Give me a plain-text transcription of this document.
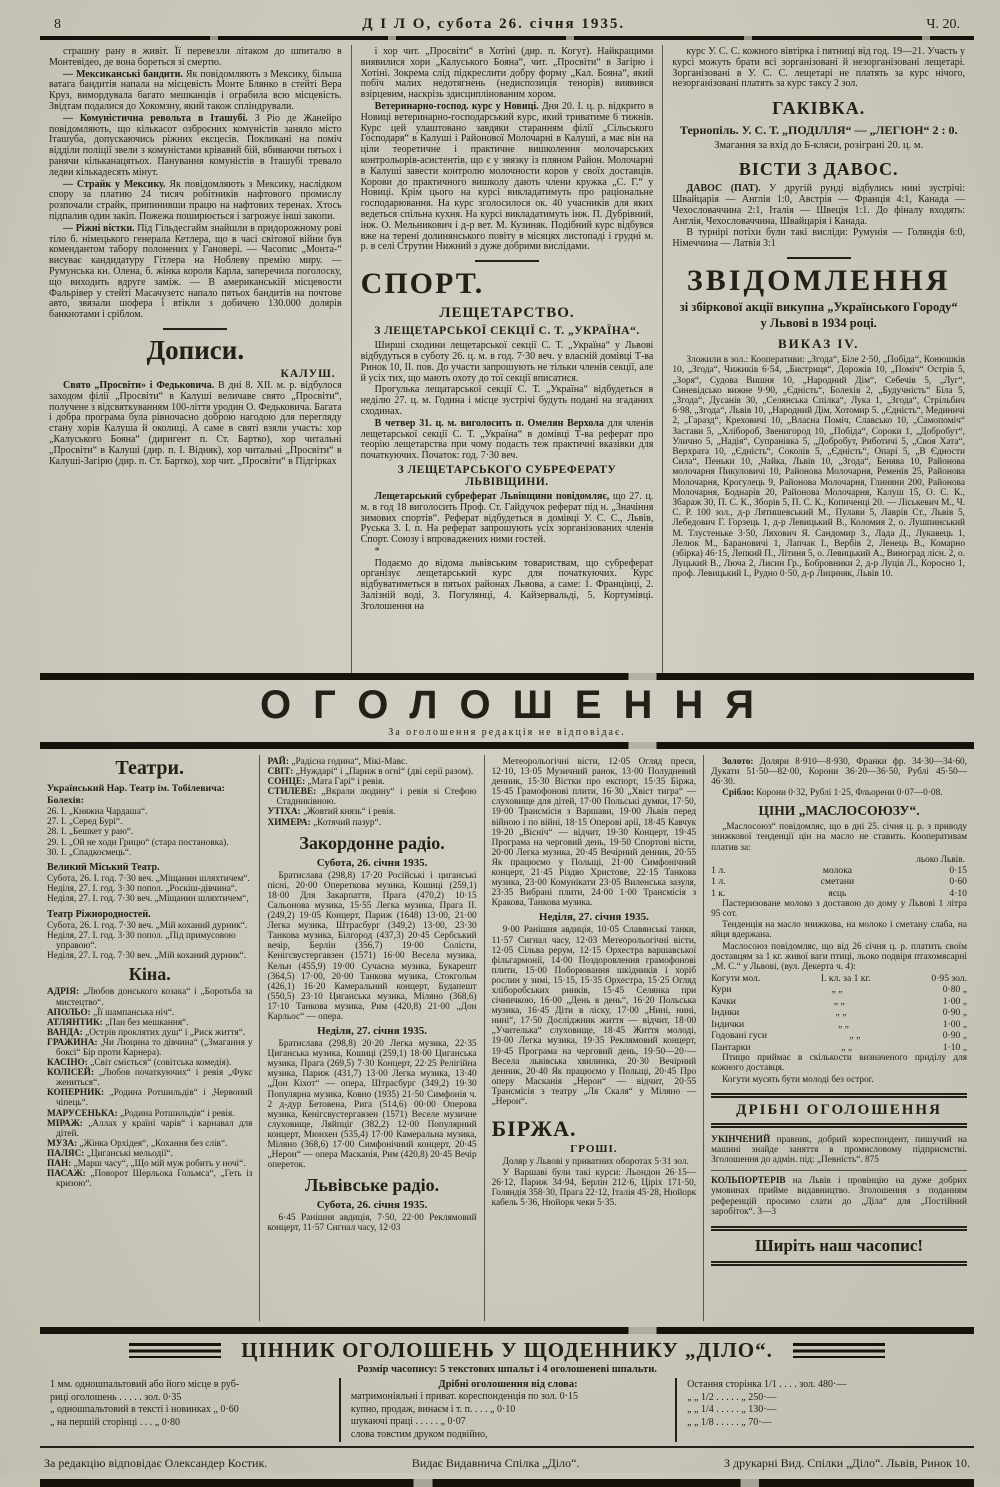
8	Д І Л О, субота 26. січня 1935.	Ч. 20.
страшну рану в живіт. Її перевезли літаком до шпиталю в Монтевідео, де вона бореться зі смертю.
— Мексиканські бандити. Як повідомляють з Мексику, більша ватага бандитів напала на місцевість Монте Блянко в стейті Вера Круз, вимордувала багато мешканців і ограбила всю місцевість. Звідтам подалися до Хокомзну, який також спліндрували.
— Комуністична револьта в Іташубі. З Ріо де Жанейро повідомляють, що кількасот озброєних комуністів заняло місто Іташуба, допускаючись ріжних ексцесів. Покликані на поміч відділи поліції звели з комуністами крівавий бій, вбиваючи пятьох і ранячи кільканацятьох. Панування комуністів в Іташубі тревало ледви кількадесять мінут.
— Страйк у Мексику. Як повідомляють з Мексику, наслідком спору за платню 24 тисяч робітників нафтового промислу розпочали страйк, припинивши працю на нафтових теренах. Хтось підпалив один закіп. Пожежа поширюється і загрожує інші закопи.
— Ріжні вістки. Під Гільдесгайм знайшли в придорожному рові тіло б. німецького генерала Кетлера, що в часі світової війни був комендантом табору полонених у Гановері. — Часопис „Монта-“ висуває кандидатуру Гітлера на Ноблеву премію миру. — Румунська кн. Олена, б. жінка короля Карла, заперечила поголоску, що виходить вдруге заміж. — В американській місцевости Фальрівер у стейті Масачузетс напало пятьох бандитів на почтове авто, звязали шофера і втікли з добичею 130.000 долярів банкнотами і сріблом.
Дописи.
КАЛУШ.
Свято „Просвіти» і Федьковича. В дні 8. XII. м. р. відбулося заходом філії „Просвіти“ в Калуші величаве свято „Просвіти“, получене з відсвяткуванням 100-ліття уродин О. Федьковича. Багата і добра програма була рівночасно доброю нагодою для перегляду стану хорів Калуша й околиці. А саме в святі взяли участь: хор „Калуського Бояна“ (диригент п. Ст. Бартко), хор читальні „Просвіти“ в Калуші (дир. п. І. Відняк), хор читальні „Просвіти“ в Калуші-Загірю (дир. п. Ст. Бартко), хор чит. „Просвіти“ в Підгірках
і хор чит. „Просвіти“ в Хотіні (дир. п. Когут). Найкращими виявилися хори „Калуського Бояна“, чит. „Просвіти“ в Загірю і Хотіні. Зокрема слід підкреслити добру форму „Кал. Бояна“, який побіч малих недотягнень (недиспозиція тенорів) виявився взірцевим, наскрізь здисциплінованим хором.
Ветеринарно-господ. курс у Новиці. Дня 20. І. ц. р. відкрито в Новиці ветеринарно-господарський курс, який триватиме 6 тижнів. Курс цей улаштовано завдяки старанням філії „Сільського Господаря“ в Калуші і Районової Молочарні в Калуші, а має він на ціли теоретичне і практичне вишколення молочарських контрольорів-асистентів, що є у звязку із пляном Район. Молочарні в Калуші завести контролю молочности коров у своїх доставців. Корови до практичного вишколу дають члени кружка „С. Г.“ у Новиці. Крім цього на курсі викладатимуть про раціональне господарювання. На курс зголосилося ок. 40 учасників для яких ведеться спільна кухня. На курсі викладатимуть інж. П. Дубрівний, інж. О. Мельникович і д-р вет. М. Кузиняк. Подібний курс відбувся вже на терені долинянського повіту в місяцях листопаді і грудні м. р. в селі Струтин Нижний з дуже добрими вислідами.
СПОРТ.
ЛЕЩЕТАРСТВО.
З ЛЕЩЕТАРСЬКОЇ СЕКЦІЇ С. Т. „УКРАЇНА“.
Ширші сходини лещетарської секції С. Т. „Україна“ у Львові відбудуться в суботу 26. ц. м. в год. 7·30 веч. у власній домівці Т-ва Ринок 10, ІІ. пов. До участи запрошують не тільки членів секції, але й усіх тих, що мають охоту до тої секції вписатися.
Прогулька лещатарської секції С. Т. „Україна“ відбудеться в неділю 27. ц. м. Година і місце зустрічі будуть подані на згаданих сходинах.
В четвер 31. ц. м. виголосить п. Омелян Верхола для членів лещетарської секції С. Т. „Україна“ в домівці Т-ва реферат про теорію лещетарства при чому подасть теж практичні вказівки для початкуючих. Початок: год. 7·30 веч.
З ЛЕЩЕТАРСЬКОГО СУБРЕФЕРАТУ ЛЬВІВЩИНИ.
Лещетарський субреферат Львівщини повідомляє, що 27. ц. м. в год 18 виголосить Проф. Ст. Гайдучок реферат під н. „Значіння зимових спортів“. Реферат відбудеться в домівці У. С. С., Львів, Руська 3. І. п. На реферат запрошують усіх зорганізованих членів Спорт. Союзу і впроваджених ними гостей.
*
Подаємо до відома львівським товариствам, що субреферат організує лещетарський курс для початкуючих. Курс відбуватиметься в пятьох районах Львова, а саме: 1. Францівці, 2. Залізній воді, 3. Погулянці, 4. Кайзервальді, 5. Кортумівці. Зголошення на
курс У. С. С. кожного вівтірка і пятниці від год. 19—21. Участь у курсі можуть брати всі зорганізовані й незорганізовані лещетарі. Зорганізовані в У. С. С. лещетарі не платять за курс нічого, незорганізовані платять за курс таксу 2 зол.
ГАКІВКА.
Тернопіль. У. С. Т. „ПОДІЛЛЯ“ — „ЛЕГІОН“ 2 : 0.
Змагання за вхід до Б-кляси, розіграні 20. ц. м.
ВІСТИ З ДАВОС.
ДАВОС (ПАТ). У другій рунді відбулись нині зустрічі: Швайцарія — Англія 1:0, Австрія — Франція 4:1, Канада — Чехословаччина 2:1, Італія — Швеція 1:1. До фіналу входять: Англія, Чехословаччина, Швайцарія і Канада.
В турнірі потіхи були такі висліди: Румунія — Голяндія 6:0, Німеччина — Латвія 3:1
ЗВІДОМЛЕННЯ
зі збіркової акції викупна „Українського Городу“
у Львові в 1934 році.
ВИКАЗ IV.
Зложили в зол.: Кооперативи: „Згода“, Біле 2·50, „Побіда“, Конюшків 10, „Згода“, Чижиків 6·54, „Бистриця“, Дорожів 10, „Поміч“ Острів 5, „Зоря“, Судова Вишня 10, „Народний Дім“, Себечів 5, „Луг“, Синевідсько вижне 9·90, „Єдність“, Болехів 2, „Будучність“ Біла 5, „Згода“, Дусанів 30, „Селянська Спілка“, Лука 1, „Згода“, Стрільбич 6·98, „Згода“, Львів 10, „Народний Дім, Хотомир 5. „Єдність“, Мединичі 2, „Гаразд“, Креховичі 10, „Власна Поміч, Славсько 10, „Самопоміч“ Застави 5, „Хлібороб, Звенигород 10, „Побіда“, Сороки 1, „Добробут“, Улично 5, „Надія“, Супранівка 5, „Добробут, Риботичі 5, „Своя Хата“, Верхрата 10, „Єдність“, Соколів 5, „Єдність“, Опарі 5, „В Єдности Сила“, Пеньки 10, „Чайка, Львів 10, „Згода“, Бенява 10, Районова молочарня Пикуловичі 10, Районова Молочарня, Ременів 25, Районова Молочарня, Крогулець 9, Районова Молочарня, Глиняни 200, Районова Молочарня, Боднарів 20, Районова Молочарня, Калуш 15, О. С. К., Збараж 30, П. С. К., Зборів 5, П. С. К., Копиченці 20. — Ліськевич М., Ч. С. Р. 100 зол., д-р Лятишевський М., Пулави 5, Лаврів Ст., Львів 5, Лебедович Г. Горзець 1, д-р Левицький В., Коломия 2, о. Лушпинський М. Тлустеньке 3·50, Ляхович Я. Сандомир 3., Лада Д., Лукавець 1, Лелюк М., Барановичі 1, Лапчак І., Вербів 2, Ленець В., Комарно (збірка) 46·15, Лепкий П., Літиня 5, о. Левицький А., Виноград лісн. 2, о. Луцький В., Люча 2, Лисин Гр., Бобровники 2, д-р Луців Л., Коросно 1, проф. Левицький І., Рудно 0·50, д-р Лициняк, Львів 10.
ОГОЛОШЕННЯ
За оголошення редакція не відповідає.
Театри.
Український Нар. Театр ім. Тобілевича:
Болехів:
26. І. „Княжна Чардаша“.
27. І. „Серед Бурі“.
28. І. „Бешкет у раю“.
29. І. „Ой не ходи Грицю“ (стара постановка).
30. І. „Спадкоємець“.
Великий Міський Театр.
Субота, 26. І. год. 7·30 веч. „Міщанин шляхтичем“.
Неділя, 27. І. год. 3·30 попол. „Роскіш-дівчина“.
Неділя, 27. І. год. 7·30 веч. „Міщанин шляхтичем“,
Театр Ріжнородностей.
Субота, 26. І. год. 7·30 веч. „Мій коханий дурник“.
Неділя, 27. І. год. 3·30 попол. „Під примусовою управою“.
Неділя, 27. І. год. 7·30 веч. „Мій коханий дурник“.
Кіна.
АДРІЯ: „Любов донського козака“ і „Боротьба за мистецтво“.
АПОЛЬО: „Її шампанська ніч“.
АТЛЯНТИК: „Пан без мешкання“.
ВАНДА: „Острів проклятих душ“ і „Риск життя“.
ГРАЖИНА: „Чи Люцина то дівчина“ („Змагання у боксі“ Бір проти Карнера).
КАСІНО: „Світ сміється“ (совітська комедія).
КОЛІСЕЙ: „Любов початкуючих“ і ревія „Фукс жениться“.
КОПЕРНИК: „Родина Ротшильдів“ і „Червоний чіпець“.
МАРУСЕНЬКА: „Родина Ротшильдів“ і ревія.
МІРАЖ: „Аллах у країні чарів“ і карнавал для дітей.
МУЗА: „Жінка Орхідея“, „Кохання без слів“.
ПАЛЯС: „Циганські мельодії“.
ПАН: „Марш часу“, „Що мій муж робить у ночі“.
ПАСАЖ: „Поворот Шерльока Гольмса“, „Геть із кризою“.
РАЙ: „Радісна година“, Мікі-Мавс.
СВІТ: „Нуждарі“ і „Париж в огні“ (дві серії разом).
СОНЦЕ: „Мата Гарі“ і ревія.
СТИЛЕВЕ: „Вкрали людину“ і ревія зі Стефою Стадниківною.
УТІХА: „Жовтий князь“ і ревія.
ХИМЕРА: „Котячий пазур“.
Закордонне радіо.
Субота, 26. січня 1935.
Братислава (298,8) 17·20 Російські і циганські пісні, 20·00 Опереткова музика, Кошиці (259,1) 18·00 Для Закарпаття, Прага (470,2) 10·15 Сальонова музика, 15·55 Легка музика, Прага ІІ. (249,2) 19·05 Концерт, Париж (1648) 13·00, 21·00 Легка музика, Штрасбург (349,2) 13·00, 23·30 Танкова музика, Білгород (437,3) 20·45 Сербський вечір, Берлін (356,7) 19·00 Солісти, Кенігсвустергавзен (1571) 16·00 Весела музика, Кельн (455,9) 19·00 Сучасна музика, Букарешт (364,5) 17·00, 20·00 Танкова музика, Стокгольм (426,1) 16·20 Камеральний концерт, Будапешт (550,5) 23·10 Циганська музика, Міляно (368,6) 17·10 Танкова музика, Рим (420,8) 21·00 „Дон Карльос“ — опера.
Неділя, 27. січня 1935.
Братислава (298,8) 20·20 Легка музика, 22·35 Циганська музика, Кошиці (259,1) 18·00 Циганська музика, Прага (269,5) 7·30 Концерт, 22·25 Релігійна музика, Париж (431,7) 13·00 Легка музика, 13·40 „Дон Кіхот“ — опера, Штрасбург (349,2) 19·30 Популярна музика, Ковно (1935) 21·50 Симфонія ч. 2 д-дур Бетовена, Рига (514,6) 00·00 Оперова музика, Кенігсвустергавзен (1571) Веселе музичне слуховище, Ляйпціг (382,2) 12·00 Популярний концерт, Мюнхен (535,4) 17·00 Камеральна музика, Міляно (368,6) 17·00 Симфонічний концерт, 20·45 „Нерон“ — опера Масканія, Рим (420,8) 20·45 Вечір опереток.
Львівське радіо.
Субота, 26. січня 1935.
6·45 Ранішня авдиція, 7·50, 22·00 Реклямовий концерт, 11·57 Сигнал часу, 12·03
Метеорольогічні вісти, 12·05 Огляд преси, 12·10, 13·05 Музичний ранок, 13·00 Полудневий денник, 15·30 Вістки про експорт, 15·35 Біржа, 15·45 Грамофонові плити, 16·30 „Хвіст тигра“ — слуховище для дітей, 17·00 Польські думки, 17·50, 19·00 Трансмісія з Варшави, 19·00 Львів перед війною і по війні, 18·15 Оперові арії, 18·45 Кавчук 19·20 „Вісніч“ — відчит, 19·30 Концерт, 19·45 Програма на черговий день, 19·50 Спортові вісти, 20·00 Легка музика, 20·45 Вечірний денник, 20·55 Як працюємо у Польщі, 21·00 Симфонічний концерт, 21·45 Різдво Христове, 22·15 Танкова музика, 23·00 Комунікати 23·05 Виленська зазуля, 23·35 Вибрані плити, 24·00 1·00 Трансмісія з Кракова, Танкова музика.
Неділя, 27. січня 1935.
9·00 Ранішня авдиція, 10·05 Славянські танки, 11·57 Сигнал часу, 12·03 Метеорольогічні вісти, 12·05 Сільва рерум, 12·15 Орхестра варшавської фільгармонії, 14·00 Поздоровлення грамофонові плити, 15·00 Поборювання шкідників і хоріб рослин у зимі, 15·15, 15·35 Орхестра, 15·25 Огляд хліборобських ринків, 15·45 Селянка при січничкою, 16·00 „День в день“, 16·20 Польська музика, 16·45 Діти в ліску, 17·00 „Нині, нині, нині“, 17·50 Досліджник життя — відчит, 18·00 „Учителька“ слуховище, 18·45 Життя молоді, 19·00 Легка музика, 19·35 Реклямовий концерт, 19·45 Програма на черговий день, 19·50—20·— Весела львівська хвилинка, 20·30 Вечірний денник, 20·40 Як працюємо у Польщі, 20·45 Про оперу Масканія „Нерон“ — відчит, 20·55 Трансмісія з театру „Ля Скаля“ у Міляно — „Нерон“.
БІРЖА.
ГРОШІ.
Доляр у Львові у приватних оборотах 5·31 зол.
У Варшаві були такі курси: Льондон 26·15—26·12, Париж 34·94, Берлін 212·6, Ціріх 171·50, Голяндія 358·30, Прага 22·12, Італія 45·28, Нюйорк кабель 5·36, Нюйорк чеки 5·35.
Золото: Доляри 8·910—8·930, Франки фр. 34·30—34·60, Дукати 51·50—82·00, Корони 36·20—36·50, Рублі 45·50—46·30.
Срібло: Корони 0·32, Рублі 1·25, Фльорени 0·07—0·08.
ЦІНИ „МАСЛОСОЮЗУ“.
„Маслосоюз“ повідомляє, що в дні 25. січня ц. р. з приводу знижкової тенденції цін на масло не ставить. Кооперативам платив за:
льоко Львів.
1 л.	молока	0·15
1 л.	сметани	0·60
1 к.	яєць	4·10
Пастеризоване молоко з доставою до дому у Львові 1 літра 95 сот.
Тенденція на масло знижкова, на молоко і сметану слаба, на яйця вдержана.
Маслосоюз повідомляє, що від 26 січня ц. р. платить своїм доставцям за 1 кг. живої ваги птиці, льоко подвіря птахомясарні „М. С.“ у Львові, (вул. Декерта ч. 4):
Когути мол.	І. кл. за 1 кг.	0·95 зол.
Кури	„ „	0·80 „
Качки	„ „	1·00 „
Індики	„ „	0·90 „
Індички	„ „	1·00 „
Годовані гуси	„ „	0·90 „
Пантарки	„ „	1·10 „
Птицю приймає в скількости визначеного приділу для кожного доставця.
Когути мусять бути молоді без острог.
ДРІБНІ ОГОЛОШЕННЯ
УКІНЧЕНИЙ правник, добрий кореспондент, пишучий на машині знайде заняття в промисловому підприємстві. Зголошення до адмін. під: „Певність“. 875
КОЛЬПОРТЕРІВ на Львів і провінцію на дуже добрих умовинах прийме видавництво. Зголошення з поданням референцій просимо слати до „Діла“ для „Постійний заробіток“. 3—3
Ширіть наш часопис!
ЦІННИК ОГОЛОШЕНЬ У ЩОДЕННИКУ „ДІЛО“.
Розмір часопису: 5 текстових шпальт і 4 оголошеневі шпальти.
1 мм. одношпальтовий або його місце в руб-
риці оголошень . . . . . зол. 0·35
„ одношпальтовий в тексті і новинках „ 0·60
„ на першій сторінці . . . „ 0·80
Дрібні оголошення від слова:
матримоніяльні і приват. кореспонденція по зол. 0·15
купно, продаж, винаєм і т. п. . . . „ 0·10
шукаючі праці . . . . . „ 0·07
слова товстим друком подвійно,
Остання сторінка 1/1 . . . . зол. 480·—
„ „ 1/2 . . . . . „ 250·—
„ „ 1/4 . . . . . „ 130·—
„ „ 1/8 . . . . . „ 70·—
За редакцію відповідає Олександер Костик.	Видає Видавнича Спілка „Діло“.	З друкарні Вид. Спілки „Діло“. Львів, Ринок 10.
